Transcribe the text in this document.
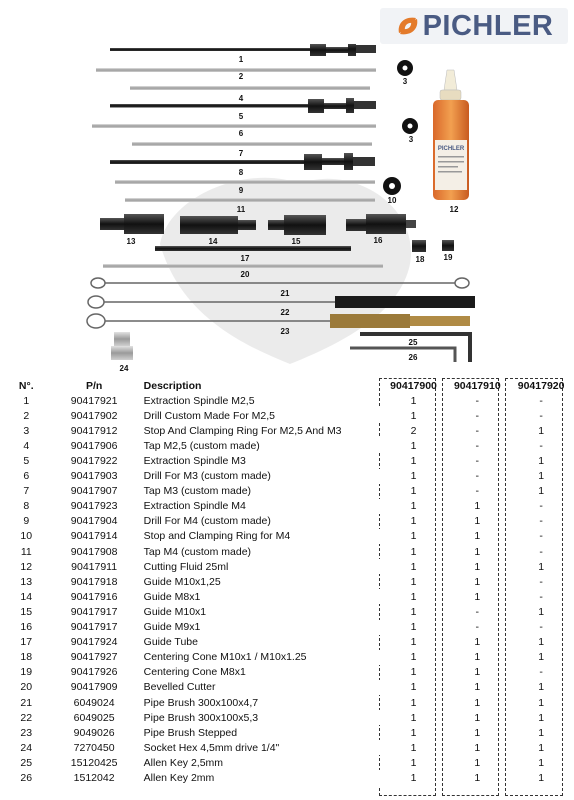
PICHLER
PICHLER
1
2
3
4
5
6
3
7
8
9
10
11	12
13	14	15	16
17	18 19
20
21
22
23
24
25
26
N°.	P/n	Description	90417900		90417910		90417920
1	90417921	Extraction Spindle M2,5	1		-		-
2	90417902	Drill Custom Made For M2,5	1		-		-
3	90417912	Stop And Clamping Ring For M2,5 And M3	2		-		1
4	90417906	Tap M2,5 (custom made)	1		-		-
5	90417922	Extraction Spindle M3	1		-		1
6	90417903	Drill For M3 (custom made)	1		-		1
7	90417907	Tap M3 (custom made)	1		-		1
8	90417923	Extraction Spindle M4	1		1		-
9	90417904	Drill For M4 (custom made)	1		1		-
10	90417914	Stop and Clamping Ring for M4	1		1		-
11	90417908	Tap M4 (custom made)	1		1		-
12	90417911	Cutting Fluid 25ml	1		1		1
13	90417918	Guide M10x1,25	1		1		-
14	90417916	Guide M8x1	1		1		-
15	90417917	Guide M10x1	1		-		1
16	90417917	Guide M9x1	1		-		-
17	90417924	Guide Tube	1		1		1
18	90417927	Centering Cone M10x1 / M10x1.25	1		1		1
19	90417926	Centering Cone M8x1	1		1		-
20	90417909	Bevelled Cutter	1		1		1
21	6049024	Pipe Brush 300x100x4,7	1		1		1
22	6049025	Pipe Brush 300x100x5,3	1		1		1
23	9049026	Pipe Brush Stepped	1		1		1
24	7270450	Socket Hex 4,5mm drive 1/4"	1		1		1
25	15120425	Allen Key 2,5mm	1		1		1
26	1512042	Allen Key 2mm	1		1		1
